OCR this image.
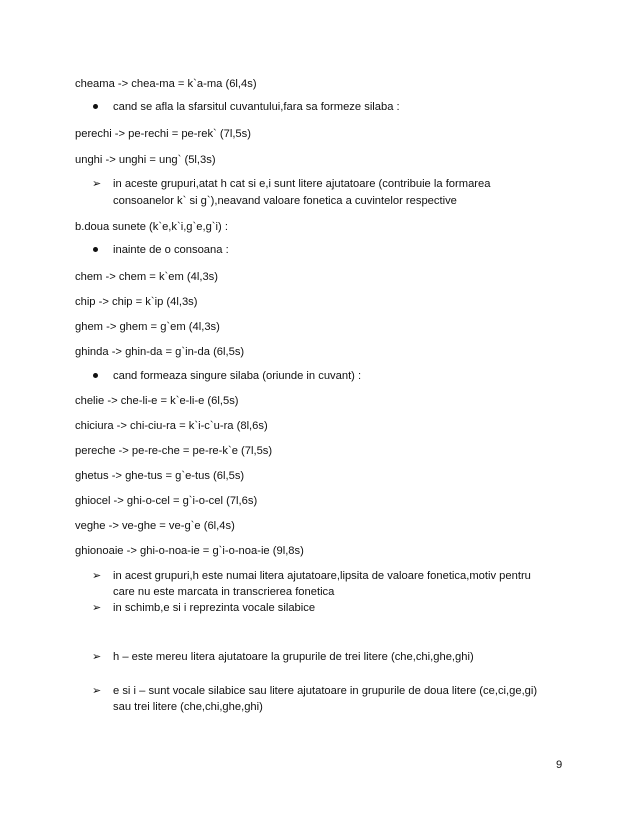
cheama -> chea-ma = k`a-ma (6l,4s)
cand se afla la sfarsitul cuvantului,fara sa formeze silaba :
perechi -> pe-rechi = pe-rek` (7l,5s)
unghi -> unghi = ung` (5l,3s)
➢ in aceste grupuri,atat h cat si e,i sunt litere ajutatoare (contribuie la formarea
consoanelor k` si g`),neavand valoare fonetica a cuvintelor respective
b.doua sunete (k`e,k`i,g`e,g`i) :
inainte de o consoana :
chem -> chem = k`em (4l,3s)
chip -> chip = k`ip (4l,3s)
ghem -> ghem = g`em (4l,3s)
ghinda -> ghin-da = g`in-da (6l,5s)
cand formeaza singure silaba (oriunde in cuvant) :
chelie -> che-li-e = k`e-li-e (6l,5s)
chiciura -> chi-ciu-ra = k`i-c`u-ra (8l,6s)
pereche -> pe-re-che = pe-re-k`e (7l,5s)
ghetus -> ghe-tus = g`e-tus (6l,5s)
ghiocel -> ghi-o-cel = g`i-o-cel (7l,6s)
veghe -> ve-ghe = ve-g`e (6l,4s)
ghionoaie -> ghi-o-noa-ie = g`i-o-noa-ie (9l,8s)
➢ in acest grupuri,h este numai litera ajutatoare,lipsita de valoare fonetica,motiv pentru
care nu este marcata in transcrierea fonetica
➢ in schimb,e si i reprezinta vocale silabice
➢ h – este mereu litera ajutatoare la grupurile de trei litere (che,chi,ghe,ghi)
➢ e si i – sunt vocale silabice sau litere ajutatoare in grupurile de doua litere (ce,ci,ge,gi)
sau trei litere (che,chi,ghe,ghi)
9
